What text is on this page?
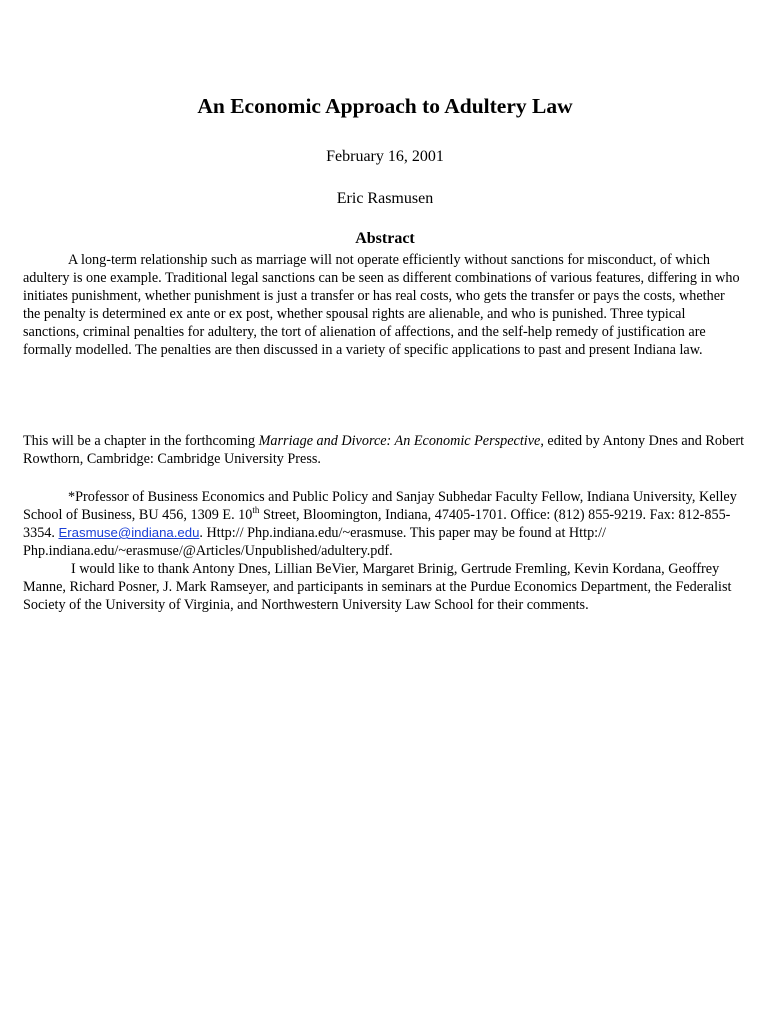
An Economic Approach to Adultery Law

February 16, 2001

Eric Rasmusen

Abstract

A long-term relationship such as marriage will not operate efficiently without sanctions for misconduct, of which adultery is one example. Traditional legal sanctions can be seen as different combinations of various features, differing in who initiates punishment, whether punishment is just a transfer or has real costs, who gets the transfer or pays the costs, whether the penalty is determined ex ante or ex post, whether spousal rights are alienable, and who is punished. Three typical sanctions, criminal penalties for adultery, the tort of alienation of affections, and the self-help remedy of justification are formally modelled. The penalties are then discussed in a variety of specific applications to past and present Indiana law.

This will be a chapter in the forthcoming Marriage and Divorce: An Economic Perspective, edited by Antony Dnes and Robert Rowthorn, Cambridge: Cambridge University Press.

*Professor of Business Economics and Public Policy and Sanjay Subhedar Faculty Fellow, Indiana University, Kelley School of Business, BU 456, 1309 E. 10th Street, Bloomington, Indiana, 47405-1701. Office: (812) 855-9219. Fax: 812-855-3354. Erasmuse@indiana.edu. Http:// Php.indiana.edu/~erasmuse. This paper may be found at Http:// Php.indiana.edu/~erasmuse/@Articles/Unpublished/adultery.pdf.

I would like to thank Antony Dnes, Lillian BeVier, Margaret Brinig, Gertrude Fremling, Kevin Kordana, Geoffrey Manne, Richard Posner, J. Mark Ramseyer, and participants in seminars at the Purdue Economics Department, the Federalist Society of the University of Virginia, and Northwestern University Law School for their comments.
